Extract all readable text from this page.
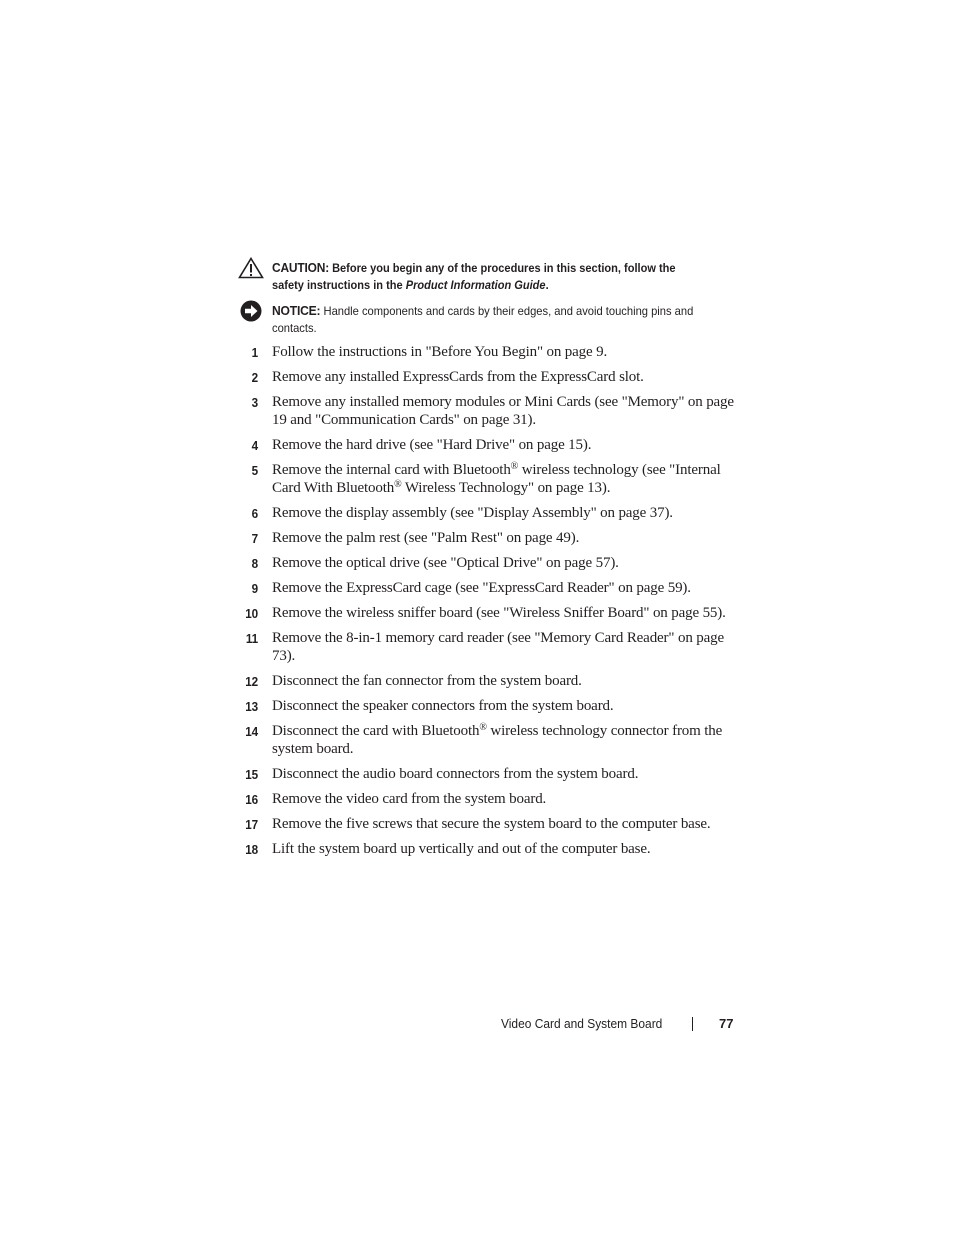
CAUTION: Before you begin any of the procedures in this section, follow the safety instructions in the Product Information Guide.
NOTICE: Handle components and cards by their edges, and avoid touching pins and contacts.
1 Follow the instructions in "Before You Begin" on page 9.
2 Remove any installed ExpressCards from the ExpressCard slot.
3 Remove any installed memory modules or Mini Cards (see "Memory" on page 19 and "Communication Cards" on page 31).
4 Remove the hard drive (see "Hard Drive" on page 15).
5 Remove the internal card with Bluetooth® wireless technology (see "Internal Card With Bluetooth® Wireless Technology" on page 13).
6 Remove the display assembly (see "Display Assembly" on page 37).
7 Remove the palm rest (see "Palm Rest" on page 49).
8 Remove the optical drive (see "Optical Drive" on page 57).
9 Remove the ExpressCard cage (see "ExpressCard Reader" on page 59).
10 Remove the wireless sniffer board (see "Wireless Sniffer Board" on page 55).
11 Remove the 8-in-1 memory card reader (see "Memory Card Reader" on page 73).
12 Disconnect the fan connector from the system board.
13 Disconnect the speaker connectors from the system board.
14 Disconnect the card with Bluetooth® wireless technology connector from the system board.
15 Disconnect the audio board connectors from the system board.
16 Remove the video card from the system board.
17 Remove the five screws that secure the system board to the computer base.
18 Lift the system board up vertically and out of the computer base.
Video Card and System Board	77
